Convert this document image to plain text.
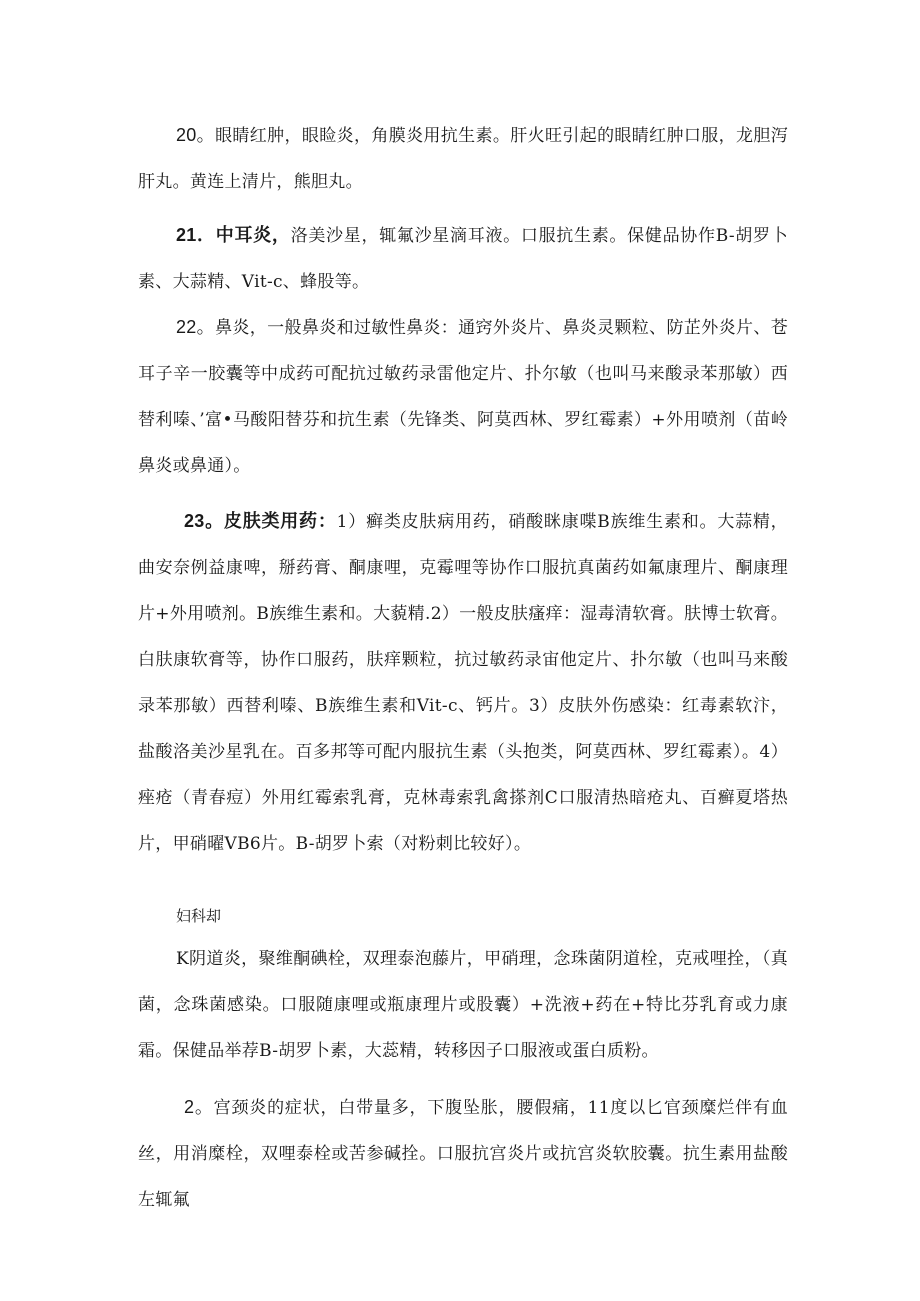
20。眼睛红肿，眼睑炎，角膜炎用抗生素。肝火旺引起的眼睛红肿口服，龙胆泻肝丸。黄连上清片，熊胆丸。

21．中耳炎，洛美沙星，辄氟沙星滴耳液。口服抗生素。保健品协作B-胡罗卜素、大蒜精、Vit-c、蜂股等。

22。鼻炎，一般鼻炎和过敏性鼻炎：通窍外炎片、鼻炎灵颗粒、防芷外炎片、苍耳子辛一胶囊等中成药可配抗过敏药录雷他定片、扑尔敏（也叫马来酸录苯那敏）西替利嗪、’富•马酸阳替芬和抗生素（先锋类、阿莫西林、罗红霉素）+外用喷剂（苗岭鼻炎或鼻通）。

23。皮肤类用药：1）癣类皮肤病用药，硝酸眯康喋B族维生素和。大蒜精，曲安奈例益康啤，掰药膏、酮康哩，克霉哩等协作口服抗真菌药如氟康理片、酮康理片+外用喷剂。B族维生素和。大藐精.2）一般皮肤瘙痒：湿毒清软膏。肤博士软膏。白肤康软膏等，协作口服药，肤痒颗粒，抗过敏药录宙他定片、扑尔敏（也叫马来酸录苯那敏）西替利嗪、B族维生素和Vit-c、钙片。3）皮肤外伤感染：红毒素软汴，盐酸洛美沙星乳在。百多邦等可配内服抗生素（头抱类，阿莫西林、罗红霉素）。4）痤疮（青春痘）外用红霉索乳膏，克林毒索乳禽搽剂C口服清热暗疮丸、百癣夏塔热片，甲硝曜VB6片。B-胡罗卜索（对粉刺比较好）。

妇科却

K阴道炎，聚维酮碘栓，双理泰泡藤片，甲硝理，念珠菌阴道栓，克戒哩拴，（真菌，念珠菌感染。口服随康哩或瓶康理片或股囊）+洗液+药在+特比芬乳育或力康霜。保健品举荐B-胡罗卜素，大蕊精，转移因子口服液或蛋白质粉。

2。宫颈炎的症状，白带量多，下腹坠胀，腰假痛，11度以匕官颈糜烂伴有血丝，用消糜栓，双哩泰栓或苦参碱拴。口服抗宫炎片或抗宫炎软胶囊。抗生素用盐酸左辄氟
